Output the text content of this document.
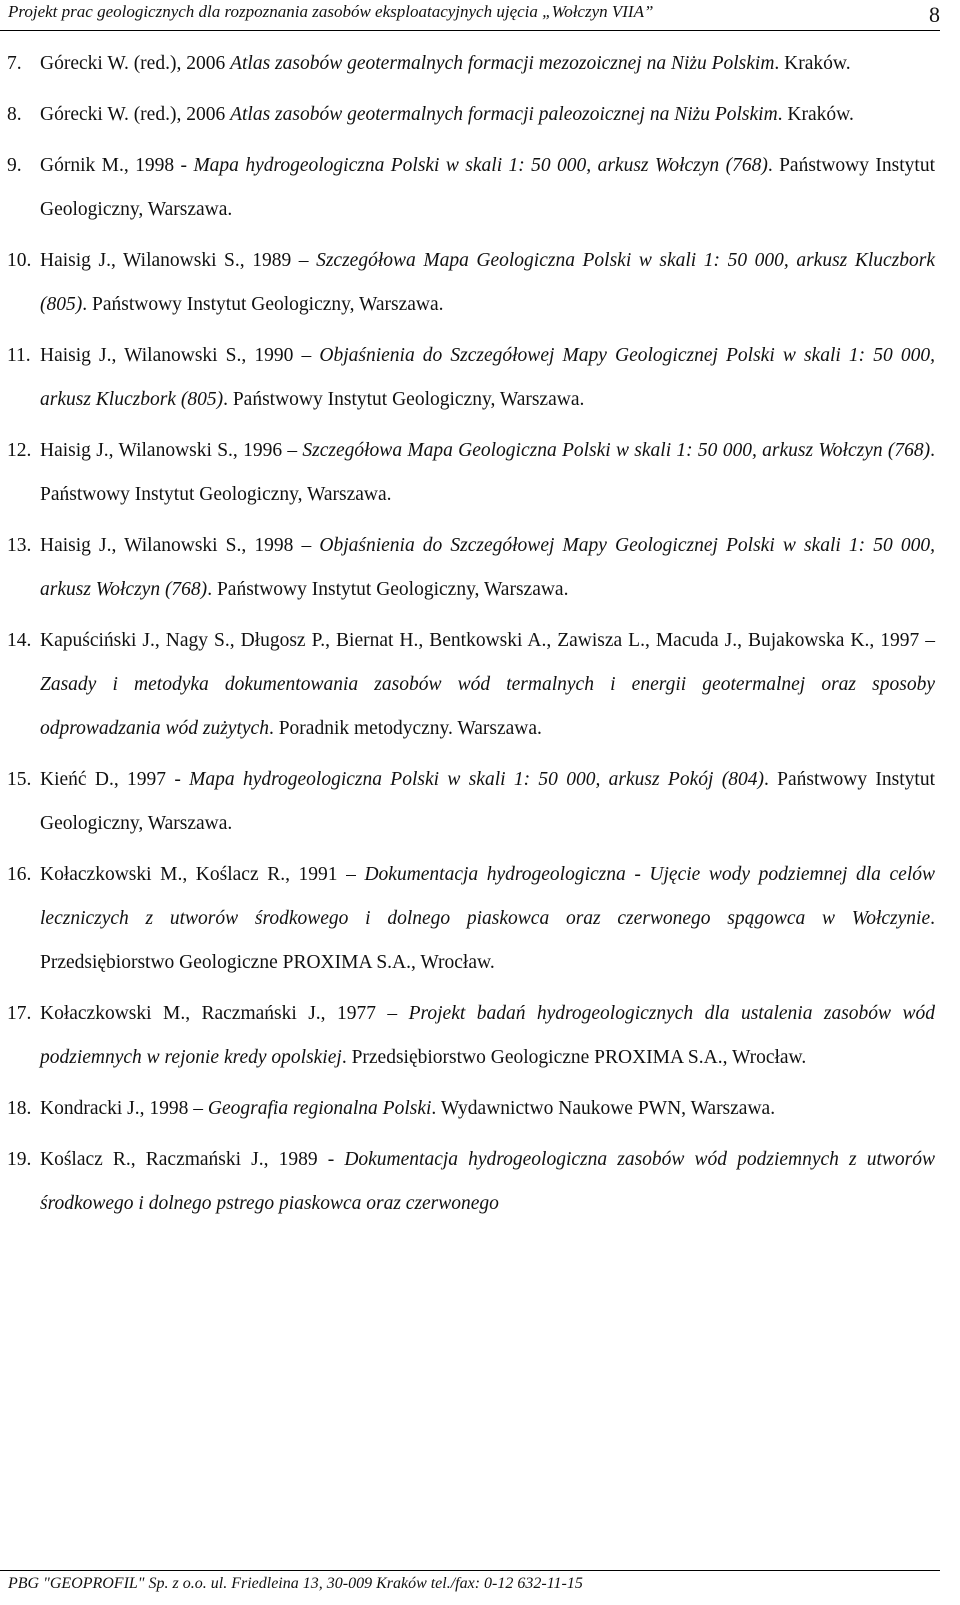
Projekt prac geologicznych dla rozpoznania zasobów eksploatacyjnych ujęcia „Wołczyn VIIA”	8
7. Górecki W. (red.), 2006 Atlas zasobów geotermalnych formacji mezozoicznej na Niżu Polskim. Kraków.
8. Górecki W. (red.), 2006 Atlas zasobów geotermalnych formacji paleozoicznej na Niżu Polskim. Kraków.
9. Górnik M., 1998 - Mapa hydrogeologiczna Polski w skali 1: 50 000, arkusz Wołczyn (768). Państwowy Instytut Geologiczny, Warszawa.
10. Haisig J., Wilanowski S., 1989 – Szczegółowa Mapa Geologiczna Polski w skali 1: 50 000, arkusz Kluczbork (805). Państwowy Instytut Geologiczny, Warszawa.
11. Haisig J., Wilanowski S., 1990 – Objaśnienia do Szczegółowej Mapy Geologicznej Polski w skali 1: 50 000, arkusz Kluczbork (805). Państwowy Instytut Geologiczny, Warszawa.
12. Haisig J., Wilanowski S., 1996 – Szczegółowa Mapa Geologiczna Polski w skali 1: 50 000, arkusz Wołczyn (768). Państwowy Instytut Geologiczny, Warszawa.
13. Haisig J., Wilanowski S., 1998 – Objaśnienia do Szczegółowej Mapy Geologicznej Polski w skali 1: 50 000, arkusz Wołczyn (768). Państwowy Instytut Geologiczny, Warszawa.
14. Kapuściński J., Nagy S., Długosz P., Biernat H., Bentkowski A., Zawisza L., Macuda J., Bujakowska K., 1997 – Zasady i metodyka dokumentowania zasobów wód termalnych i energii geotermalnej oraz sposoby odprowadzania wód zużytych. Poradnik metodyczny. Warszawa.
15. Kieńć D., 1997 - Mapa hydrogeologiczna Polski w skali 1: 50 000, arkusz Pokój (804). Państwowy Instytut Geologiczny, Warszawa.
16. Kołaczkowski M., Koślacz R., 1991 – Dokumentacja hydrogeologiczna - Ujęcie wody podziemnej dla celów leczniczych z utworów środkowego i dolnego piaskowca oraz czerwonego spągowca w Wołczynie. Przedsiębiorstwo Geologiczne PROXIMA S.A., Wrocław.
17. Kołaczkowski M., Raczmański J., 1977 – Projekt badań hydrogeologicznych dla ustalenia zasobów wód podziemnych w rejonie kredy opolskiej. Przedsiębiorstwo Geologiczne PROXIMA S.A., Wrocław.
18. Kondracki J., 1998 – Geografia regionalna Polski. Wydawnictwo Naukowe PWN, Warszawa.
19. Koślacz R., Raczmański J., 1989 - Dokumentacja hydrogeologiczna zasobów wód podziemnych z utworów środkowego i dolnego pstrego piaskowca oraz czerwonego
PBG "GEOPROFIL" Sp. z o.o. ul. Friedleina 13, 30-009 Kraków tel./fax: 0-12 632-11-15
